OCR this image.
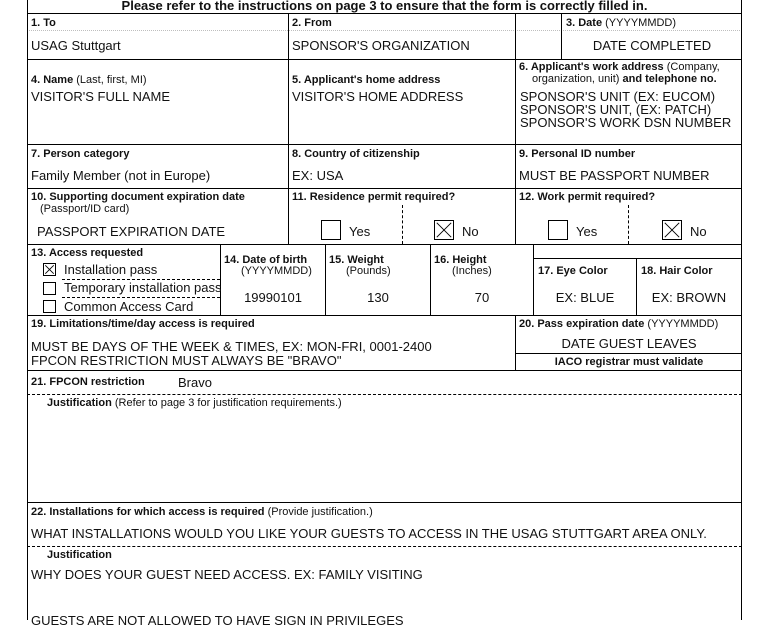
Please refer to the instructions on page 3 to ensure that the form is correctly filled in.
1. To
USAG Stuttgart
2. From
SPONSOR'S ORGANIZATION
3. Date (YYYYMMDD)
DATE COMPLETED
4. Name (Last, first, MI)
VISITOR'S FULL NAME
5. Applicant's home address
VISITOR'S HOME ADDRESS
6. Applicant's work address (Company,
organization, unit) and telephone no.
SPONSOR'S UNIT (EX: EUCOM)
SPONSOR'S UNIT, (EX: PATCH)
SPONSOR'S WORK DSN NUMBER
7. Person category
Family Member (not in Europe)
8. Country of citizenship
EX: USA
9. Personal ID number
MUST BE PASSPORT NUMBER
10. Supporting document expiration date
(Passport/ID card)
PASSPORT EXPIRATION DATE
11. Residence permit required?
Yes	No
12. Work permit required?
Yes	No
13. Access requested
Installation pass
Temporary installation pass
Common Access Card
14. Date of birth
(YYYYMMDD)
19990101
15. Weight
(Pounds)
130
16. Height
(Inches)
70
17. Eye Color
EX: BLUE
18. Hair Color
EX: BROWN
19. Limitations/time/day access is required
MUST BE DAYS OF THE WEEK & TIMES, EX: MON-FRI, 0001-2400
FPCON RESTRICTION MUST ALWAYS BE "BRAVO"
20. Pass expiration date (YYYYMMDD)
DATE GUEST LEAVES
IACO registrar must validate
21. FPCON restriction	Bravo
Justification (Refer to page 3 for justification requirements.)
22. Installations for which access is required (Provide justification.)
WHAT INSTALLATIONS WOULD YOU LIKE YOUR GUESTS TO ACCESS IN THE USAG STUTTGART AREA ONLY.
Justification
WHY DOES YOUR GUEST NEED ACCESS. EX: FAMILY VISITING
GUESTS ARE NOT ALLOWED TO HAVE SIGN IN PRIVILEGES
